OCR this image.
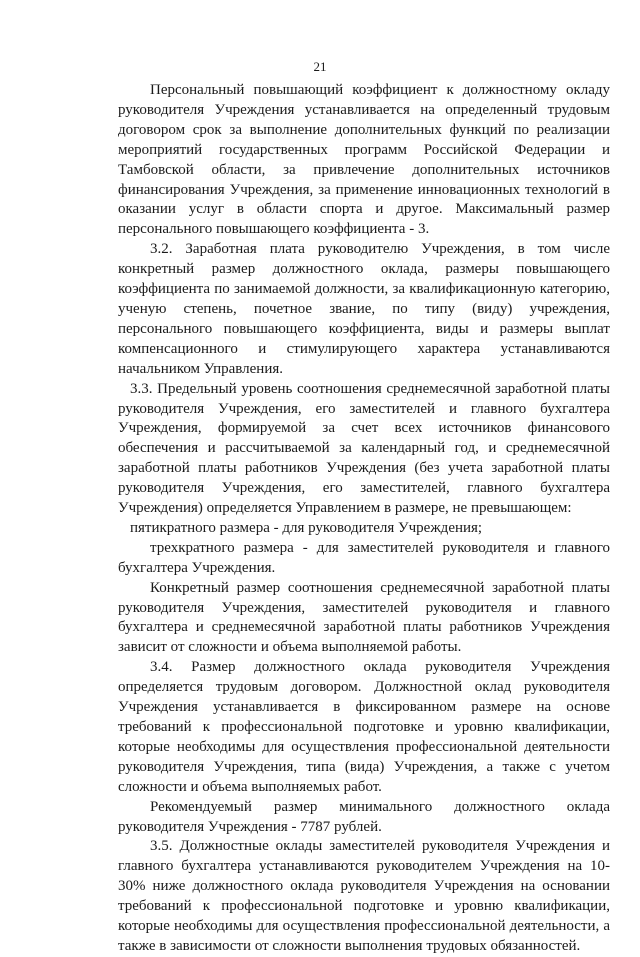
21

Персональный повышающий коэффициент к должностному окладу руководителя Учреждения устанавливается на определенный трудовым договором срок за выполнение дополнительных функций по реализации мероприятий государственных программ Российской Федерации и Тамбовской области, за привлечение дополнительных источников финансирования Учреждения, за применение инновационных технологий в оказании услуг в области спорта и другое. Максимальный размер персонального повышающего коэффициента - 3.

3.2. Заработная плата руководителю Учреждения, в том числе конкретный размер должностного оклада, размеры повышающего коэффициента по занимаемой должности, за квалификационную категорию, ученую степень, почетное звание, по типу (виду) учреждения, персонального повышающего коэффициента, виды и размеры выплат компенсационного и стимулирующего характера устанавливаются начальником Управления.

3.3. Предельный уровень соотношения среднемесячной заработной платы руководителя Учреждения, его заместителей и главного бухгалтера Учреждения, формируемой за счет всех источников финансового обеспечения и рассчитываемой за календарный год, и среднемесячной заработной платы работников Учреждения (без учета заработной платы руководителя Учреждения, его заместителей, главного бухгалтера Учреждения) определяется Управлением в размере, не превышающем:

пятикратного размера - для руководителя Учреждения;

трехкратного размера - для заместителей руководителя и главного бухгалтера Учреждения.

Конкретный размер соотношения среднемесячной заработной платы руководителя Учреждения, заместителей руководителя и главного бухгалтера и среднемесячной заработной платы работников Учреждения зависит от сложности и объема выполняемой работы.

3.4. Размер должностного оклада руководителя Учреждения определяется трудовым договором. Должностной оклад руководителя Учреждения устанавливается в фиксированном размере на основе требований к профессиональной подготовке и уровню квалификации, которые необходимы для осуществления профессиональной деятельности руководителя Учреждения, типа (вида) Учреждения, а также с учетом сложности и объема выполняемых работ.

Рекомендуемый размер минимального должностного оклада руководителя Учреждения - 7787 рублей.

3.5. Должностные оклады заместителей руководителя Учреждения и главного бухгалтера устанавливаются руководителем Учреждения на 10-30% ниже должностного оклада руководителя Учреждения на основании требований к профессиональной подготовке и уровню квалификации, которые необходимы для осуществления профессиональной деятельности, а также в зависимости от сложности выполнения трудовых обязанностей.
